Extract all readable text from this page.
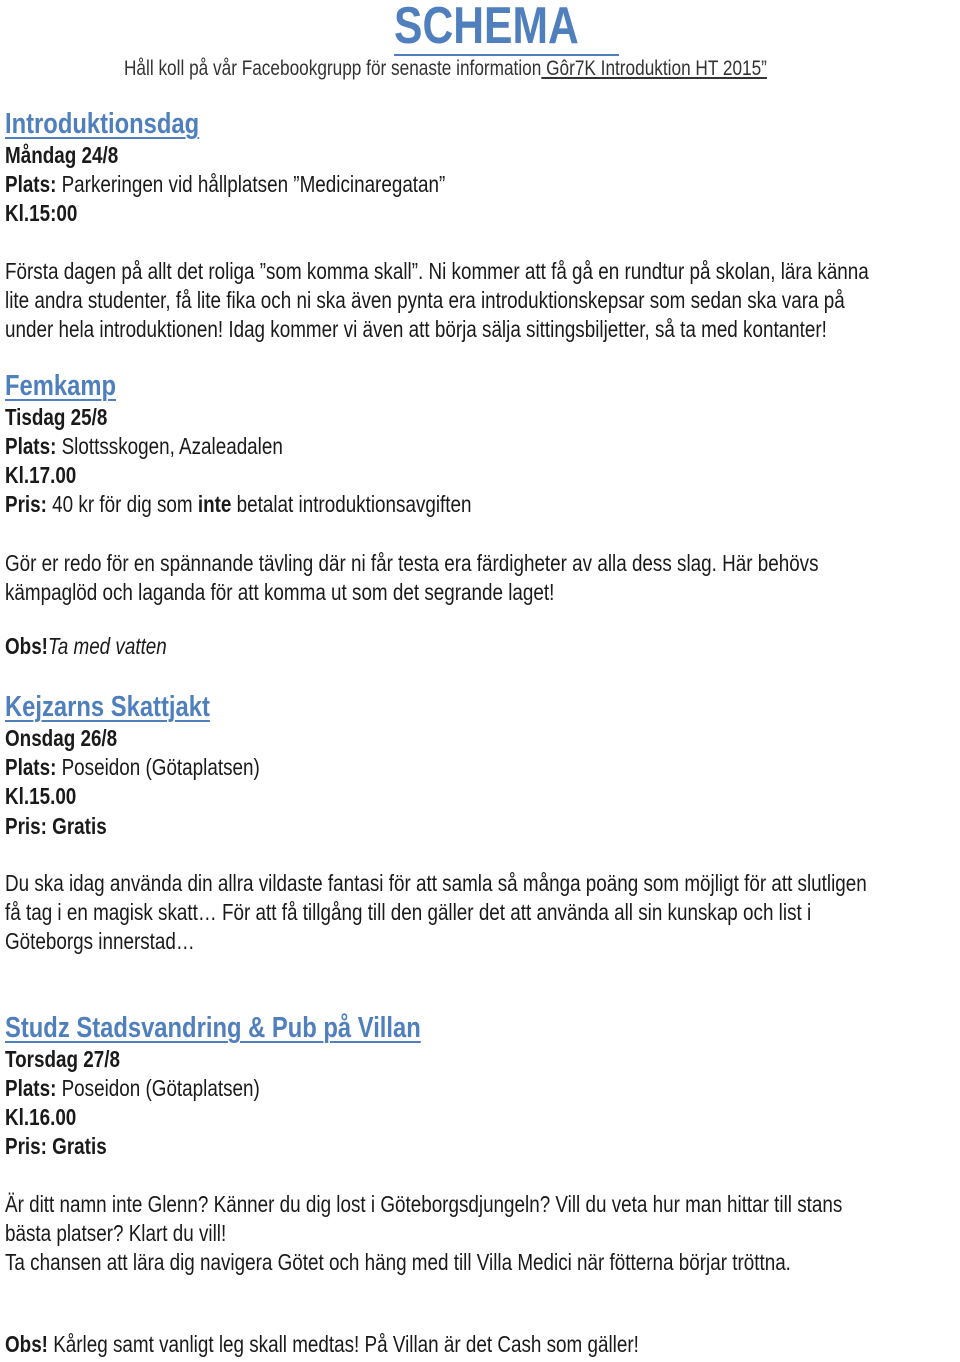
SCHEMA
Håll koll på vår Facebookgrupp för senaste information Gôr7K Introduktion HT 2015”
Introduktionsdag
Måndag 24/8
Plats: Parkeringen vid hållplatsen ”Medicinaregatan”
Kl.15:00
Första dagen på allt det roliga ”som komma skall”. Ni kommer att få gå en rundtur på skolan, lära känna
lite andra studenter, få lite fika och ni ska även pynta era introduktionskepsar som sedan ska vara på
under hela introduktionen! Idag kommer vi även att börja sälja sittingsbiljetter, så ta med kontanter!
Femkamp
Tisdag 25/8
Plats: Slottsskogen, Azaleadalen
Kl.17.00
Pris: 40 kr för dig som inte betalat introduktionsavgiften
Gör er redo för en spännande tävling där ni får testa era färdigheter av alla dess slag. Här behövs
kämpaglöd och laganda för att komma ut som det segrande laget!
Obs!Ta med vatten
Kejzarns Skattjakt
Onsdag 26/8
Plats: Poseidon (Götaplatsen)
Kl.15.00
Pris: Gratis
Du ska idag använda din allra vildaste fantasi för att samla så många poäng som möjligt för att slutligen
få tag i en magisk skatt… För att få tillgång till den gäller det att använda all sin kunskap och list i
Göteborgs innerstad…
Studz Stadsvandring & Pub på Villan
Torsdag 27/8
Plats: Poseidon (Götaplatsen)
Kl.16.00
Pris: Gratis
Är ditt namn inte Glenn? Känner du dig lost i Göteborgsdjungeln? Vill du veta hur man hittar till stans
bästa platser? Klart du vill!
Ta chansen att lära dig navigera Götet och häng med till Villa Medici när fötterna börjar tröttna.
Obs! Kårleg samt vanligt leg skall medtas! På Villan är det Cash som gäller!
